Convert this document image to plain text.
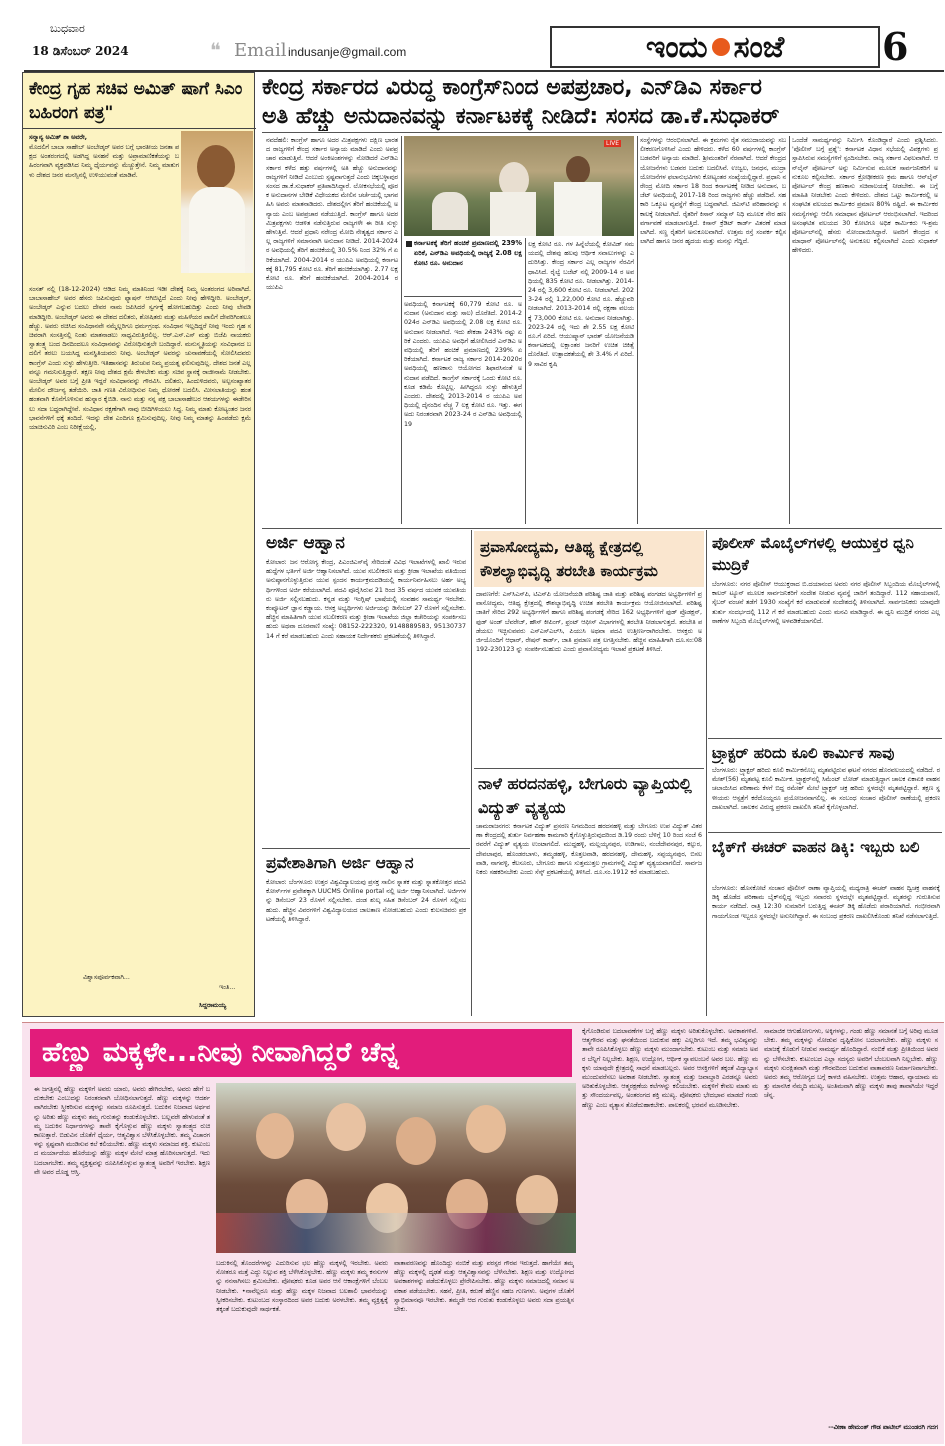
ಬುಧವಾರ
18 ಡಿಸೆಂಬರ್ 2024	❝ Email indusanje@gmail.com	ಇಂದು ಸಂಜೆ	6
ಕೇಂದ್ರ ಗೃಹ ಸಚಿವ ಅಮಿತ್ ಷಾಗೆ ಸಿಎಂ ಬಹಿರಂಗ ಪತ್ರ"
ಸನ್ಮಾನ್ಯ ಅಮಿತ್ ಶಾ ಅವರೇ,
ಮೊದಲಿಗೆ ಬಾಬಾ ಸಾಹೇಬ್ ಅಂಬೇಡ್ಕರ್ ಅವರ ಬಗ್ಗೆ ಭಾರತೀಯ ಜನತಾ ಪಕ್ಷದ ಅಂತರಂಗದಲ್ಲಿ ಅಡಗಿದ್ದ ಅಸಹನೆ ಮತ್ತು ಅಪ್ರಾಮಾಣಿಕತೆಯನ್ನು ಬಹಿರಂಗವಾಗಿ ವ್ಯಕ್ತಪಡಿಸಿದ ನಿಮ್ಮ ಧೈರ್ಯವನ್ನು ಮೆಚ್ಚುತ್ತೇನೆ. ನಿಮ್ಮ ಮಾತುಗಳು ದೇಶದ ಜನರ ಮನಸ್ಸಿನಲ್ಲಿ ಉಳಿಯುವಂತೆ ಮಾಡಿವೆ.
ಸಂಸತ್ ನಲ್ಲಿ (18-12-2024) ಆಡಿದ ನಿಮ್ಮ ಮಾತಿನಿಂದ ಇಡೀ ದೇಶಕ್ಕೆ ನಿಮ್ಮ ಅಂತರಂಗದ ಅರಿವಾಗಿದೆ. ಬಾಬಾಸಾಹೇಬ್ ಅವರ ಹೆಸರು ಜಪಿಸುವುದು ಫ್ಯಾಷನ್ ಆಗಿಬಿಟ್ಟಿದೆ ಎಂದು ನೀವು ಹೇಳಿದ್ದೀರಿ. ಅಂಬೇಡ್ಕರ್, ಅಂಬೇಡ್ಕರ್ ಎನ್ನುವ ಬದಲು ದೇವರ ನಾಮ ಜಪಿಸಿದರೆ ಸ್ವರ್ಗಕ್ಕೆ ಹೋಗಬಹುದಿತ್ತು ಎಂದು ನೀವು ಲೇವಡಿ ಮಾಡಿದ್ದೀರಿ. ಅಂಬೇಡ್ಕರ್ ಅವರು ಈ ದೇಶದ ದಲಿತರು, ಶೋಷಿತರು ಮತ್ತು ಮಹಿಳೆಯರ ಪಾಲಿಗೆ ದೇವರಿಗಿಂತಲೂ ಹೆಚ್ಚು. ಅವರು ರಚಿಸಿದ ಸಂವಿಧಾನವೇ ನಮ್ಮೆಲ್ಲರಿಗೂ ಧರ್ಮಗ್ರಂಥ. ಸಂವಿಧಾನ ಇಲ್ಲದಿದ್ದರೆ ನೀವು ಇಂದು ಗೃಹ ಸಚಿವರಾಗಿ ಸಂಸತ್ತಿನಲ್ಲಿ ನಿಂತು ಮಾತನಾಡಲು ಸಾಧ್ಯವಿರುತ್ತಿರಲಿಲ್ಲ. ಆರ್.ಎಸ್.ಎಸ್ ಮತ್ತು ಬಿಜೆಪಿ ನಾಯಕರು ಸ್ವಾತಂತ್ರ್ಯ ಬಂದ ದಿನದಿಂದಲೂ ಸಂವಿಧಾನವನ್ನು ವಿರೋಧಿಸುತ್ತಲೇ ಬಂದಿದ್ದಾರೆ. ಮನುಸ್ಮೃತಿಯನ್ನು ಸಂವಿಧಾನದ ಬದಲಿಗೆ ತರಲು ಬಯಸಿದ್ದ ಮನಸ್ಥಿತಿಯವರು ನೀವು. ಅಂಬೇಡ್ಕರ್ ಅವರನ್ನು ಚುನಾವಣೆಯಲ್ಲಿ ಸೋಲಿಸಿದವರು ಕಾಂಗ್ರೆಸ್ ಎಂದು ಸುಳ್ಳು ಹೇಳುತ್ತೀರಿ. ಇತಿಹಾಸವನ್ನು ತಿರುಚುವ ನಿಮ್ಮ ಪ್ರಯತ್ನ ಫಲಿಸುವುದಿಲ್ಲ. ದೇಶದ ಜನತೆ ಎಲ್ಲವನ್ನೂ ಗಮನಿಸುತ್ತಿದ್ದಾರೆ. ತಕ್ಷಣ ನೀವು ದೇಶದ ಕ್ಷಮೆ ಕೇಳಬೇಕು ಮತ್ತು ಸಚಿವ ಸ್ಥಾನಕ್ಕೆ ರಾಜೀನಾಮೆ ನೀಡಬೇಕು. ಅಂಬೇಡ್ಕರ್ ಅವರ ಬಗ್ಗೆ ಪ್ರೀತಿ ಇದ್ದರೆ ಸಂವಿಧಾನವನ್ನು ಗೌರವಿಸಿ. ದಲಿತರು, ಹಿಂದುಳಿದವರು, ಅಲ್ಪಸಂಖ್ಯಾತರ ಮೇಲಿನ ದೌರ್ಜನ್ಯ ತಡೆಯಿರಿ. ಜಾತಿ ಗಣತಿ ವಿರೋಧಿಸುವ ನಿಮ್ಮ ಧೋರಣೆ ಬದಲಿಸಿ. ಮೀಸಲಾತಿಯನ್ನು ಹಂತಹಂತವಾಗಿ ಕೊನೆಗೊಳಿಸುವ ಹುನ್ನಾರ ಕೈಬಿಡಿ. ನಾನು ಮತ್ತು ನನ್ನ ಪಕ್ಷ ಬಾಬಾಸಾಹೇಬರ ಆಶಯಗಳನ್ನು ಈಡೇರಿಸಲು ಸದಾ ಬದ್ಧರಾಗಿದ್ದೇವೆ. ಸಂವಿಧಾನ ರಕ್ಷಣೆಗಾಗಿ ನಾವು ಬೀದಿಗಿಳಿಯಲು ಸಿದ್ಧ. ನಿಮ್ಮ ಮಾತು ಕೋಟ್ಯಂತರ ಜನರ ಭಾವನೆಗಳಿಗೆ ಧಕ್ಕೆ ತಂದಿದೆ. ಇದನ್ನು ದೇಶ ಎಂದಿಗೂ ಕ್ಷಮಿಸುವುದಿಲ್ಲ. ನೀವು ನಿಮ್ಮ ಮಾತನ್ನು ಹಿಂಪಡೆದು ಕ್ಷಮೆ ಯಾಚಿಸುವಿರಿ ಎಂಬ ನಿರೀಕ್ಷೆಯಲ್ಲಿ,
ವಿಶ್ವಾಸಪೂರ್ವಕವಾಗಿ...
ಇಂತಿ...
ಸಿದ್ದರಾಮಯ್ಯ
ಕೇಂದ್ರ ಸರ್ಕಾರದ ವಿರುದ್ಧ ಕಾಂಗ್ರೆಸ್‌ನಿಂದ ಅಪಪ್ರಚಾರ, ಎನ್‌ಡಿಎ ಸರ್ಕಾರ
ಅತಿ ಹೆಚ್ಚು ಅನುದಾನವನ್ನು ಕರ್ನಾಟಕಕ್ಕೆ ನೀಡಿದೆ: ಸಂಸದ ಡಾ.ಕೆ.ಸುಧಾಕರ್
ನವದೆಹಲಿ: ಕಾಂಗ್ರೆಸ್ ಹಾಗೂ ಅದರ ಮಿತ್ರಪಕ್ಷಗಳು ದಕ್ಷಿಣ ಭಾರತದ ರಾಜ್ಯಗಳಿಗೆ ಕೇಂದ್ರ ಸರ್ಕಾರ ಅನ್ಯಾಯ ಮಾಡಿದೆ ಎಂದು ಅಪಪ್ರಚಾರ ಮಾಡುತ್ತಿವೆ. ಆದರೆ ಅಂಕಿಅಂಶಗಳನ್ನು ನೋಡಿದರೆ ಎನ್‌ಡಿಎ ಸರ್ಕಾರ ಕಳೆದ ಹತ್ತು ವರ್ಷಗಳಲ್ಲಿ ಅತಿ ಹೆಚ್ಚು ಅನುದಾನವನ್ನು ರಾಜ್ಯಗಳಿಗೆ ನೀಡಿದೆ ಎಂಬುದು ಸ್ಪಷ್ಟವಾಗುತ್ತದೆ ಎಂದು ಚಿಕ್ಕಬಳ್ಳಾಪುರ ಸಂಸದ ಡಾ.ಕೆ.ಸುಧಾಕರ್ ಪ್ರತಿಪಾದಿಸಿದ್ದಾರೆ. ಲೋಕಸಭೆಯಲ್ಲಿ ಪೂರಕ ಅನುದಾನಗಳ ಬೇಡಿಕೆ ವಿಧೇಯಕದ ಮೇಲಿನ ಚರ್ಚೆಯಲ್ಲಿ ಭಾಗವಹಿಸಿ ಅವರು ಮಾತನಾಡಿದರು. ದೇಶದಲ್ಲೀಗ ತೆರಿಗೆ ಹಂಚಿಕೆಯಲ್ಲಿ ಅನ್ಯಾಯ ಎಂಬ ಅಪಪ್ರಚಾರ ನಡೆಯುತ್ತಿದೆ. ಕಾಂಗ್ರೆಸ್ ಹಾಗೂ ಅದರ ಮಿತ್ರಪಕ್ಷಗಳು ಆಡಳಿತ ನಡೆಸುತ್ತಿರುವ ರಾಜ್ಯಗಳೇ ಈ ರೀತಿ ಸುಳ್ಳು ಹೇಳುತ್ತಿವೆ. ಆದರೆ ಪ್ರಧಾನಿ ನರೇಂದ್ರ ಮೋದಿ ನೇತೃತ್ವದ ಸರ್ಕಾರ ಎಲ್ಲ ರಾಜ್ಯಗಳಿಗೆ ಸಮಾನವಾಗಿ ಅನುದಾನ ನೀಡಿದೆ. 2014-2024ರ ಅವಧಿಯಲ್ಲಿ ತೆರಿಗೆ ಹಂಚಿಕೆಯಲ್ಲಿ 30.5% ನಿಂದ 32% ಗೆ ಏರಿಕೆಯಾಗಿದೆ. 2004-2014 ರ ಯುಪಿಎ ಅವಧಿಯಲ್ಲಿ ಕರ್ನಾಟಕಕ್ಕೆ 81,795 ಕೋಟಿ ರೂ. ತೆರಿಗೆ ಹಂಚಿಕೆಯಾಗಿತ್ತು. 2.77 ಲಕ್ಷ ಕೋಟಿ ರೂ. ತೆರಿಗೆ ಹಂಚಿಕೆಯಾಗಿದೆ. 2004-2014 ರ ಯುಪಿಎ
LIVE
ಕರ್ನಾಟಕಕ್ಕೆ ತೆರಿಗೆ ಹಂಚಿಕೆ ಪ್ರಮಾಣದಲ್ಲಿ 239% ಏರಿಕೆ, ಎನ್‌ಡಿಎ ಅವಧಿಯಲ್ಲಿ ರಾಜ್ಯಕ್ಕೆ 2.08 ಲಕ್ಷ ಕೋಟಿ ರೂ. ಅನುದಾನ
ಅವಧಿಯಲ್ಲಿ ಕರ್ನಾಟಕಕ್ಕೆ 60,779 ಕೋಟಿ ರೂ. ಅನುದಾನ (ಅನುದಾನ ಮತ್ತು ಸಾಲ) ದೊರೆತಿದೆ. 2014-2024ರ ಎನ್‌ಡಿಎ ಅವಧಿಯಲ್ಲಿ 2.08 ಲಕ್ಷ ಕೋಟಿ ರೂ. ಅನುದಾನ ನೀಡಲಾಗಿದೆ. ಇದು ಶೇಕಡಾ 243% ರಷ್ಟು ಏರಿಕೆ ಎಂದರು. ಯುಪಿಎ ಅವಧಿಗೆ ಹೋಲಿಸಿದರೆ ಎನ್‌ಡಿಎ ಅವಧಿಯಲ್ಲಿ ತೆರಿಗೆ ಹಂಚಿಕೆ ಪ್ರಮಾಣದಲ್ಲಿ 239% ಏರಿಕೆಯಾಗಿದೆ. ಕರ್ನಾಟಕ ರಾಜ್ಯ ಸರ್ಕಾರ 2014-2020ರ ಅವಧಿಯಲ್ಲಿ ಹಣಕಾಸು ಆಯೋಗದ ಶಿಫಾರಸಿನಂತೆ ಅನುದಾನ ಪಡೆದಿದೆ. ಕಾಂಗ್ರೆಸ್ ಸರ್ಕಾರಕ್ಕೆ ಒಂದು ಕೋಟಿ ರೂ. ಕೂಡ ಕಡಿಮೆ ಕೊಟ್ಟಿಲ್ಲ. ಹೀಗಿದ್ದರೂ ಸುಳ್ಳು ಹೇಳುತ್ತಿದೆ ಎಂದರು. ದೇಶದಲ್ಲಿ 2013-2014 ರ ಯುಪಿಎ ಅವಧಿಯಲ್ಲಿ ದೈನಂದಿನ ವೆಚ್ಚ 7 ಲಕ್ಷ ಕೋಟಿ ರೂ. ಇತ್ತು. ಈಗ ಅದು ನಿರಂತರವಾಗಿ 2023-24 ರ ಎನ್‌ಡಿಎ ಅವಧಿಯಲ್ಲಿ 19
ಲಕ್ಷ ಕೋಟಿ ರೂ. ಗಳ ಹಿನ್ನೆಲೆಯಲ್ಲಿ ಕೋವಿಡ್ ಸಮಯದಲ್ಲಿ ದೇಶವು ಹಲವು ಆರ್ಥಿಕ ಸವಾಲುಗಳನ್ನು ಎದುರಿಸಿತ್ತು. ಕೇಂದ್ರ ಸರ್ಕಾರ ಎಲ್ಲ ರಾಜ್ಯಗಳ ನೆರವಿಗೆ ಧಾವಿಸಿದೆ. ರೈಲ್ವೆ ಬಜೆಟ್ ನಲ್ಲಿ 2009-14 ರ ಅವಧಿಯಲ್ಲಿ 835 ಕೋಟಿ ರೂ. ನೀಡಲಾಗಿತ್ತು. 2014-24 ರಲ್ಲಿ 3,600 ಕೋಟಿ ರೂ. ನೀಡಲಾಗಿದೆ. 2023-24 ರಲ್ಲಿ 1,22,000 ಕೋಟಿ ರೂ. ಹೆಚ್ಚುವರಿ ನೀಡಲಾಗಿದೆ. 2013-2014 ರಲ್ಲಿ ರಕ್ಷಣಾ ವಲಯಕ್ಕೆ 73,000 ಕೋಟಿ ರೂ. ಅನುದಾನ ನೀಡಲಾಗಿತ್ತು. 2023-24 ರಲ್ಲಿ ಇದು ಶೇ 2.55 ಲಕ್ಷ ಕೋಟಿ ರೂ.ಗೆ ಏರಿದೆ. ಆಯುಷ್ಮಾನ್ ಭಾರತ್ ಯೋಜನೆಯಡಿ ಕರ್ನಾಟಕದಲ್ಲಿ ಲಕ್ಷಾಂತರ ಜನರಿಗೆ ಉಚಿತ ಚಿಕಿತ್ಸೆ ದೊರೆತಿದೆ. ಉತ್ಪಾದಕತೆಯಲ್ಲಿ ಶೇ 3.4% ಗೆ ಏರಿದೆ. 9 ಸಾವಿರ ಕೃಷಿ
ಸಂಸ್ಥೆಗಳನ್ನು ಆರಂಭಿಸಲಾಗಿದೆ. ಈ ಕ್ರಮಗಳು ರೈತ ಸಮುದಾಯವನ್ನು ಸಬಲೀಕರಣಗೊಳಿಸಿವೆ ಎಂದು ಹೇಳಿದರು. ಕಳೆದ 60 ವರ್ಷಗಳಲ್ಲಿ ಕಾಂಗ್ರೆಸ್ ಬಡವರಿಗೆ ಅನ್ಯಾಯ ಮಾಡಿದೆ. ಶ್ರೀಮಂತರಿಗೆ ನೆರವಾಗಿದೆ. ಆದರೆ ಕೇಂದ್ರದ ಯೋಜನೆಗಳು ಬಡವರ ಬದುಕು ಬದಲಿಸಿವೆ. ಉಜ್ವಲ, ಜನಧನ, ಮುದ್ರಾ ಯೋಜನೆಗಳ ಫಲಾನುಭವಿಗಳು ಕೋಟ್ಯಂತರ ಸಂಖ್ಯೆಯಲ್ಲಿದ್ದಾರೆ. ಪ್ರಧಾನಿ ನರೇಂದ್ರ ಮೋದಿ ಸರ್ಕಾರ 18 ರಿಂದ ಕರ್ನಾಟಕಕ್ಕೆ ನೀಡಿದ ಅನುದಾನ, ಬಜೆಟ್ ಅವಧಿಯಲ್ಲಿ 2017-18 ರಿಂದ ರಾಜ್ಯಗಳು ಹೆಚ್ಚು ಪಡೆದಿವೆ. ಸಹಕಾರಿ ಒಕ್ಕೂಟ ವ್ಯವಸ್ಥೆಗೆ ಕೇಂದ್ರ ಬದ್ಧವಾಗಿದೆ. ಜಿಎಸ್‌ಟಿ ಪರಿಹಾರವನ್ನು ಸಕಾಲಕ್ಕೆ ನೀಡಲಾಗಿದೆ. ರೈತರಿಗೆ ಕಿಸಾನ್ ಸಮ್ಮಾನ್ ನಿಧಿ ಮೂಲಕ ನೇರ ಹಣ ವರ್ಗಾವಣೆ ಮಾಡಲಾಗುತ್ತಿದೆ. ಕಿಸಾನ್ ಕ್ರೆಡಿಟ್ ಕಾರ್ಡ್ ವಿತರಣೆ ಮಾಡಲಾಗಿದೆ. ಸಣ್ಣ ರೈತರಿಗೆ ಅನುಕೂಲವಾಗಿದೆ. ಉತ್ತಮ ರಸ್ತೆ ಸಂಪರ್ಕ ಕಲ್ಪಿಸಲಾಗಿದೆ ಹಾಗೂ ಜನರ ಹೃದಯ ಮತ್ತು ಮನಸ್ಸು ಗೆದ್ದಿದೆ.
ಒಂದೆಡೆ ಸಾಮರ್ಥ್ಯವನ್ನು ನಿರ್ಮಿಸಿ ಕೊಂಡಿದ್ದಾರೆ ಎಂದು ಪ್ರಶ್ನಿಸಿದರು. 'ಪೊಲೀಸ್ ಬಗ್ಗೆ ಪ್ರಶ್ನೆ': ಕರ್ನಾಟಕ ವಿಧಾನ ಸಭೆಯಲ್ಲಿ ವಿಪಕ್ಷಗಳು ಪ್ರಸ್ತಾಪಿಸಿರುವ ಸಮಸ್ಯೆಗಳಿಗೆ ಸ್ಪಂದಿಸಬೇಕು. ರಾಜ್ಯ ಸರ್ಕಾರ ವಿಫಲವಾಗಿದೆ. ಆನ್‌ಲೈನ್ ಪೋರ್ಟಲ್ ಅನ್ನು ನಿರ್ಮಿಸುವ ಮೂಲಕ ಸಾರ್ವಜನಿಕರಿಗೆ ಅನುಕೂಲ ಕಲ್ಪಿಸಬೇಕು. ಸರ್ಕಾರ ಕ್ರೋಢೀಕರಣ ಕ್ರಮ ಹಾಗೂ ಆನ್‌ಲೈನ್ ಪೋರ್ಟಲ್ ಕೇಂದ್ರ ಹಣಕಾಸು ಸಚಿವಾಲಯಕ್ಕೆ ನೀಡಬೇಕು. ಈ ಬಗ್ಗೆ ಮಾಹಿತಿ ನೀಡಬೇಕು ಎಂದು ಕೇಳಿದರು. ದೇಶದ ಒಟ್ಟು ಕಾರ್ಮಿಕರಲ್ಲಿ ಅಸಂಘಟಿತ ವಲಯದ ಕಾರ್ಮಿಕರ ಪ್ರಮಾಣ 80% ರಷ್ಟಿದೆ. ಈ ಕಾರ್ಮಿಕರ ಸಮಸ್ಯೆಗಳನ್ನು ಆಲಿಸಿ ಸಮಾಧಾನ ಪೋರ್ಟಲ್ ಆರಂಭಿಸಲಾಗಿದೆ. ಇದರಿಂದ ಅಸಂಘಟಿತ ವಲಯದ 30 ಕೋಟಿಗೂ ಅಧಿಕ ಕಾರ್ಮಿಕರು ಇ-ಶ್ರಮ ಪೋರ್ಟಲ್‌ನಲ್ಲಿ ಹೆಸರು ನೋಂದಾಯಿಸಿದ್ದಾರೆ. ಅವರಿಗೆ ಕೇಂದ್ರದ ಸಮಾಧಾನ್ ಪೋರ್ಟಲ್‌ನಲ್ಲಿ ಅನುಕೂಲ ಕಲ್ಪಿಸಲಾಗಿದೆ ಎಂದು ಸುಧಾಕರ್ ಹೇಳಿದರು.
ಅರ್ಜಿ ಆಹ್ವಾನ
ಕೋಲಾರ: ಜನ ಆರೋಗ್ಯ ಕೇಂದ್ರ, ಪಿಎಂಜಿಎಸ್‌ವೈ ಸೇರಿದಂತೆ ವಿವಿಧ ಇಲಾಖೆಗಳಲ್ಲಿ ಖಾಲಿ ಇರುವ ಹುದ್ದೆಗಳ ಭರ್ತಿಗೆ ಅರ್ಜಿ ಆಹ್ವಾನಿಸಲಾಗಿದೆ. ಯುವ ಸಬಲೀಕರಣ ಮತ್ತು ಕ್ರೀಡಾ ಇಲಾಖೆಯ ವತಿಯಿಂದ ಅನುಷ್ಠಾನಗೊಳ್ಳುತ್ತಿರುವ ಯುವ ಸ್ಪಂದನ ಕಾರ್ಯಕ್ರಮದಡಿಯಲ್ಲಿ ಕಾರ್ಯನಿರ್ವಹಿಸಲು ಅರ್ಹ ಅಭ್ಯರ್ಥಿಗಳಿಂದ ಅರ್ಜಿ ಕರೆಯಲಾಗಿದೆ. ಪದವಿ ಪೂರೈಸಿರುವ 21 ರಿಂದ 35 ವರ್ಷದ ಯುವಕ ಯುವತಿಯರು ಅರ್ಜಿ ಸಲ್ಲಿಸಬಹುದು. ಕನ್ನಡ ಮತ್ತು ಇಂಗ್ಲಿಷ್ ಭಾಷೆಯಲ್ಲಿ ಸಂವಹನ ಸಾಮರ್ಥ್ಯ ಇರಬೇಕು. ಕಂಪ್ಯೂಟರ್ ಜ್ಞಾನ ಕಡ್ಡಾಯ. ಆಸಕ್ತ ಅಭ್ಯರ್ಥಿಗಳು ಅರ್ಜಿಯನ್ನು ಡಿಸೆಂಬರ್ 27 ರೊಳಗೆ ಸಲ್ಲಿಸಬೇಕು. ಹೆಚ್ಚಿನ ಮಾಹಿತಿಗಾಗಿ ಯುವ ಸಬಲೀಕರಣ ಮತ್ತು ಕ್ರೀಡಾ ಇಲಾಖೆಯ ಜಿಲ್ಲಾ ಕಚೇರಿಯನ್ನು ಸಂಪರ್ಕಿಸಬಹುದು ಅಥವಾ ದೂರವಾಣಿ ಸಂಖ್ಯೆ: 08152-222320, 9148889583, 9513073714 ಗೆ ಕರೆ ಮಾಡಬಹುದು ಎಂದು ಸಹಾಯಕ ನಿರ್ದೇಶಕರು ಪ್ರಕಟಣೆಯಲ್ಲಿ ತಿಳಿಸಿದ್ದಾರೆ.
ಪ್ರವೇಶಾತಿಗಾಗಿ ಅರ್ಜಿ ಆಹ್ವಾನ
ಕೋಲಾರ: ಬೆಂಗಳೂರು ಉತ್ತರ ವಿಶ್ವವಿದ್ಯಾಲಯವು ಪ್ರಸಕ್ತ ಸಾಲಿನ ಸ್ನಾತಕ ಮತ್ತು ಸ್ನಾತಕೋತ್ತರ ಪದವಿ ಕೋರ್ಸ್‌ಗಳ ಪ್ರವೇಶಕ್ಕಾಗಿ UUCMS Online portal ನಲ್ಲಿ ಅರ್ಜಿ ಆಹ್ವಾನಿಸಲಾಗಿದೆ. ಅರ್ಜಿಗಳನ್ನು ಡಿಸೆಂಬರ್ 23 ರೊಳಗೆ ಸಲ್ಲಿಸಬೇಕು. ದಂಡ ಶುಲ್ಕ ಸಹಿತ ಡಿಸೆಂಬರ್ 24 ರೊಳಗೆ ಸಲ್ಲಿಸಬಹುದು. ಹೆಚ್ಚಿನ ವಿವರಗಳಿಗೆ ವಿಶ್ವವಿದ್ಯಾಲಯದ ಜಾಲತಾಣ ನೋಡಬಹುದು ಎಂದು ಕುಲಸಚಿವರು ಪ್ರಕಟಣೆಯಲ್ಲಿ ತಿಳಿಸಿದ್ದಾರೆ.
ಪ್ರವಾಸೋದ್ಯಮ, ಆತಿಥ್ಯ ಕ್ಷೇತ್ರದಲ್ಲಿ ಕೌಶಲ್ಯಾಭಿವೃದ್ಧಿ ತರಬೇತಿ ಕಾರ್ಯಕ್ರಮ
ದಾವಣಗೆರೆ: ಎಸ್‌ಸಿಎಸ್‌ಪಿ, ಟಿಎಸ್‌ಪಿ ಯೋಜನೆಯಡಿ ಪರಿಶಿಷ್ಟ ಜಾತಿ ಮತ್ತು ಪರಿಶಿಷ್ಟ ಪಂಗಡದ ಅಭ್ಯರ್ಥಿಗಳಿಗೆ ಪ್ರವಾಸೋದ್ಯಮ, ಆತಿಥ್ಯ ಕ್ಷೇತ್ರದಲ್ಲಿ ಕೌಶಲ್ಯಾಭಿವೃದ್ಧಿ ಉಚಿತ ತರಬೇತಿ ಕಾರ್ಯಕ್ರಮ ಆಯೋಜಿಸಲಾಗಿದೆ. ಪರಿಶಿಷ್ಟ ಜಾತಿಗೆ ಸೇರಿದ 292 ಅಭ್ಯರ್ಥಿಗಳಿಗೆ ಹಾಗೂ ಪರಿಶಿಷ್ಟ ಪಂಗಡಕ್ಕೆ ಸೇರಿದ 162 ಅಭ್ಯರ್ಥಿಗಳಿಗೆ ಫುಡ್ ಪ್ರೊಡಕ್ಷನ್, ಫುಡ್ ಅಂಡ್ ಬೆವರೇಜ್, ಹೌಸ್ ಕೀಪಿಂಗ್, ಫ್ರಂಟ್ ಆಫೀಸ್ ವಿಭಾಗಗಳಲ್ಲಿ ತರಬೇತಿ ನೀಡಲಾಗುತ್ತದೆ. ತರಬೇತಿ ಪಡೆಯಲು ಇಚ್ಛಿಸುವವರು ಎಸ್‌ಎಸ್‌ಎಲ್‌ಸಿ, ಪಿಯುಸಿ ಅಥವಾ ಪದವಿ ಉತ್ತೀರ್ಣರಾಗಿರಬೇಕು. ಆಸಕ್ತರು ಅರ್ಜಿಯೊಂದಿಗೆ ಆಧಾರ್, ರೇಷನ್ ಕಾರ್ಡ್, ಜಾತಿ ಪ್ರಮಾಣ ಪತ್ರ ಲಗತ್ತಿಸಬೇಕು. ಹೆಚ್ಚಿನ ಮಾಹಿತಿಗಾಗಿ ದೂ.ಸಂ:08192-230123 ನ್ನು ಸಂಪರ್ಕಿಸಬಹುದು ಎಂದು ಪ್ರವಾಸೋದ್ಯಮ ಇಲಾಖೆ ಪ್ರಕಟಣೆ ತಿಳಿಸಿದೆ.
ನಾಳೆ ಹರದನಹಳ್ಳಿ, ಬೇಗೂರು ವ್ಯಾಪ್ತಿಯಲ್ಲಿ ವಿದ್ಯುತ್ ವ್ಯತ್ಯಯ
ಚಾಮರಾಜನಗರ: ಕರ್ನಾಟಕ ವಿದ್ಯುತ್ ಪ್ರಸರಣ ನಿಗಮದಿಂದ ಹರದನಹಳ್ಳಿ ಮತ್ತು ಬೇಗೂರು ಉಪ ವಿದ್ಯುತ್ ವಿತರಣಾ ಕೇಂದ್ರದಲ್ಲಿ ತುರ್ತು ನಿರ್ವಹಣಾ ಕಾಮಗಾರಿ ಕೈಗೊಳ್ಳುತ್ತಿರುವುದರಿಂದ ಡಿ.19 ರಂದು ಬೆಳಿಗ್ಗೆ 10 ರಿಂದ ಸಂಜೆ 6 ರವರೆಗೆ ವಿದ್ಯುತ್ ವ್ಯತ್ಯಯ ಉಂಟಾಗಲಿದೆ. ಮುದ್ದಹಳ್ಳಿ, ಮಲ್ಲಯ್ಯನಪುರ, ಉಡಿಗಾಲ, ನಂಜೆದೇವನಪುರ, ಕಲ್ಪುರ, ದೇವಲಾಪುರ, ಹೊಂಡರಬಾಳು, ತಮ್ಮಡಹಳ್ಳಿ, ಕೊತ್ತಲವಾಡಿ, ಹರದನಹಳ್ಳಿ, ದೇಮಹಳ್ಳಿ, ಸಪ್ಪಯ್ಯನಪುರ, ಬಿಸಲವಾಡಿ, ನಾಗವಳ್ಳಿ, ಕೆಲಸೂರು, ಬೇಗೂರು ಹಾಗೂ ಸುತ್ತಮುತ್ತಲ ಗ್ರಾಮಗಳಲ್ಲಿ ವಿದ್ಯುತ್ ವ್ಯತ್ಯಯವಾಗಲಿದೆ. ಸಾರ್ವಜನಿಕರು ಸಹಕರಿಸಬೇಕು ಎಂದು ಸೆಸ್ಕ್ ಪ್ರಕಟಣೆಯಲ್ಲಿ ತಿಳಿಸಿದೆ. ದೂ.ಸಂ.1912 ಕರೆ ಮಾಡಬಹುದು.
ಪೊಲೀಸ್ ಮೊಬೈಲ್‌ಗಳಲ್ಲಿ ಆಯುಕ್ತರ ಧ್ವನಿ ಮುದ್ರಿಕೆ
ಬೆಂಗಳೂರು: ನಗರ ಪೊಲೀಸ್ ಆಯುಕ್ತರಾದ ಬಿ.ದಯಾನಂದ ಅವರು ನಗರ ಪೊಲೀಸ್ ಸಿಬ್ಬಂದಿಯ ಮೊಬೈಲ್‌ಗಳಲ್ಲಿ ಕಾಲರ್ ಟ್ಯೂನ್ ಮೂಲಕ ಸಾರ್ವಜನಿಕರಿಗೆ ಸಂದೇಶ ನೀಡುವ ವ್ಯವಸ್ಥೆ ಜಾರಿಗೆ ತಂದಿದ್ದಾರೆ. 112 ಸಹಾಯವಾಣಿ, ಸೈಬರ್ ವಂಚನೆ ತಡೆಗೆ 1930 ಸಂಖ್ಯೆಗೆ ಕರೆ ಮಾಡುವಂತೆ ಸಂದೇಶದಲ್ಲಿ ತಿಳಿಸಲಾಗಿದೆ. ಸಾರ್ವಜನಿಕರು ಯಾವುದೇ ತುರ್ತು ಸಂದರ್ಭದಲ್ಲಿ 112 ಗೆ ಕರೆ ಮಾಡಬಹುದು ಎಂದು ಮನವಿ ಮಾಡಿದ್ದಾರೆ. ಈ ಧ್ವನಿ ಮುದ್ರಿಕೆ ನಗರದ ಎಲ್ಲ ಠಾಣೆಗಳ ಸಿಬ್ಬಂದಿ ಮೊಬೈಲ್‌ಗಳಲ್ಲಿ ಅಳವಡಿಕೆಯಾಗಲಿದೆ.
ಟ್ರ್ಯಾಕ್ಟರ್ ಹರಿದು ಕೂಲಿ ಕಾರ್ಮಿಕ ಸಾವು
ಬೆಂಗಳೂರು: ಟ್ರ್ಯಾಕ್ಟರ್ ಹರಿದು ಕೂಲಿ ಕಾರ್ಮಿಕನೊಬ್ಬ ಮೃತಪಟ್ಟಿರುವ ಘಟನೆ ನಗರದ ಹೊರವಲಯದಲ್ಲಿ ನಡೆದಿದೆ. ರಮೇಶ್(56) ಮೃತಪಟ್ಟ ಕೂಲಿ ಕಾರ್ಮಿಕ. ಟ್ರ್ಯಾಕ್ಟರ್‌ನಲ್ಲಿ ಸಿಮೆಂಟ್ ಲೋಡ್ ಮಾಡುತ್ತಿದ್ದಾಗ ಚಾಲಕ ಏಕಾಏಕಿ ವಾಹನ ಚಲಾಯಿಸಿದ ಪರಿಣಾಮ ಕೆಳಗೆ ಬಿದ್ದ ರಮೇಶ್ ಮೇಲೆ ಟ್ರ್ಯಾಕ್ಟರ್ ಚಕ್ರ ಹರಿದು ಸ್ಥಳದಲ್ಲೇ ಮೃತಪಟ್ಟಿದ್ದಾರೆ. ತಕ್ಷಣ ಸ್ಥಳೀಯರು ಆಸ್ಪತ್ರೆಗೆ ಕರೆದೊಯ್ದರೂ ಪ್ರಯೋಜನವಾಗಲಿಲ್ಲ. ಈ ಸಂಬಂಧ ಸಂಚಾರ ಪೊಲೀಸ್ ಠಾಣೆಯಲ್ಲಿ ಪ್ರಕರಣ ದಾಖಲಾಗಿದೆ. ಚಾಲಕನ ವಿರುದ್ಧ ಪ್ರಕರಣ ದಾಖಲಿಸಿ ತನಿಖೆ ಕೈಗೊಳ್ಳಲಾಗಿದೆ.
ಬೈಕ್‌ಗೆ ಈಚರ್ ವಾಹನ ಡಿಕ್ಕಿ: ಇಬ್ಬರು ಬಲಿ
ಬೆಂಗಳೂರು: ಹೊಸಕೋಟೆ ಸಂಚಾರ ಪೊಲೀಸ್ ಠಾಣಾ ವ್ಯಾಪ್ತಿಯಲ್ಲಿ ಮಧ್ಯರಾತ್ರಿ ಈಚರ್ ವಾಹನ ದ್ವಿಚಕ್ರ ವಾಹನಕ್ಕೆ ಡಿಕ್ಕಿ ಹೊಡೆದ ಪರಿಣಾಮ ಬೈಕ್‌ನಲ್ಲಿದ್ದ ಇಬ್ಬರು ಸವಾರರು ಸ್ಥಳದಲ್ಲೇ ಮೃತಪಟ್ಟಿದ್ದಾರೆ. ಮೃತರನ್ನು ಗುರುತಿಸುವ ಕಾರ್ಯ ನಡೆದಿದೆ. ರಾತ್ರಿ 12:30 ಸುಮಾರಿಗೆ ಬರುತ್ತಿದ್ದ ಈಚರ್ ಡಿಕ್ಕಿ ಹೊಡೆದು ಪರಾರಿಯಾಗಿದೆ. ಗಂಭೀರವಾಗಿ ಗಾಯಗೊಂಡ ಇಬ್ಬರೂ ಸ್ಥಳದಲ್ಲೇ ಅಸುನೀಗಿದ್ದಾರೆ. ಈ ಸಂಬಂಧ ಪ್ರಕರಣ ದಾಖಲಿಸಿಕೊಂಡು ತನಿಖೆ ನಡೆಸಲಾಗುತ್ತಿದೆ.
ಹೆಣ್ಣು ಮಕ್ಕಳೇ...ನೀವು ನೀವಾಗಿದ್ದರೆ ಚೆನ್ನ
ಈ ಜಗತ್ತಿನಲ್ಲಿ ಹೆಣ್ಣು ಮಕ್ಕಳಿಗೆ ಅವರು ಯಾರು, ಅವರು ಹೇಗಿರಬೇಕು, ಅವರು ಹೇಗೆ ಬದುಕಬೇಕು ಎಂಬುದನ್ನು ನಿರಂತರವಾಗಿ ಬೋಧಿಸಲಾಗುತ್ತದೆ. ಹೆಣ್ಣು ಮಕ್ಕಳನ್ನು ಆದರ್ಶವಾಗಿರಬೇಕು ಸ್ತ್ರೀಕರಿಸುವ ಮಕ್ಕಳನ್ನು ಸಮಾಜ ರೂಪಿಸುತ್ತದೆ. ಬದುಕಿನ ನಿಜವಾದ ಅರ್ಥವನ್ನು ಅರಿತು ಹೆಣ್ಣು ಮಕ್ಕಳು ತಮ್ಮ ಗುರುತನ್ನು ಕಂಡುಕೊಳ್ಳಬೇಕು. ಬಲ್ಲವರೇ ಹೇಳುವಂತೆ ತಮ್ಮ ಬದುಕಿನ ನಿರ್ಧಾರಗಳನ್ನು ತಾವೇ ಕೈಗೊಳ್ಳುವ ಹೆಣ್ಣು ಮಕ್ಕಳು ಸ್ವಾತಂತ್ರ್ಯದ ರುಚಿ ಕಾಣುತ್ತಾರೆ. ಬಿಡುವಿನ ಜೊತೆಗೆ ಧೈರ್ಯ, ಆತ್ಮವಿಶ್ವಾಸ ಬೆಳೆಸಿಕೊಳ್ಳಬೇಕು. ತಮ್ಮ ವಿಚಾರಗಳನ್ನು ಸ್ಪಷ್ಟವಾಗಿ ಮಂಡಿಸುವ ಕಲೆ ಕಲಿಯಬೇಕು. ಹೆಣ್ಣು ಮಕ್ಕಳು ಸಮಾಜದ ಶಕ್ತಿ. ಕುಟುಂಬದ ಮರ್ಯಾದೆಯ ಹೊರೆಯನ್ನು ಹೆಣ್ಣು ಮಕ್ಕಳ ಮೇಲೆ ಮಾತ್ರ ಹೊರಿಸಲಾಗುತ್ತದೆ. ಇದು ಬದಲಾಗಬೇಕು. ತಮ್ಮ ವ್ಯಕ್ತಿತ್ವವನ್ನು ರೂಪಿಸಿಕೊಳ್ಳುವ ಸ್ವಾತಂತ್ರ್ಯ ಅವರಿಗೆ ಇರಬೇಕು. ಶಿಕ್ಷಣವೇ ಅವರ ದೊಡ್ಡ ಆಸ್ತಿ.
ಬದುಕಿನಲ್ಲಿ ತೊಂದರೆಗಳನ್ನು ಎದುರಿಸುವ ಛಲ ಹೆಣ್ಣು ಮಕ್ಕಳಲ್ಲಿ ಇರಬೇಕು. ಅವರು ಸೋತರೂ ಮತ್ತೆ ಎದ್ದು ನಿಲ್ಲುವ ಶಕ್ತಿ ಬೆಳೆಸಿಕೊಳ್ಳಬೇಕು. ಹೆಣ್ಣು ಮಕ್ಕಳು ತಮ್ಮ ಕನಸುಗಳನ್ನು ನನಸಾಗಿಸಲು ಶ್ರಮಿಸಬೇಕು. ಪೋಷಕರು ಕೂಡ ಅವರ ಆಸೆ ಆಕಾಂಕ್ಷೆಗಳಿಗೆ ಬೆಂಬಲ ನೀಡಬೇಕು. •ನಾವೆಲ್ಲರೂ ಮತ್ತು ಹೆಣ್ಣು ಮಕ್ಕಳ ನಿಜವಾದ ಬಲಶಾಲಿ ಭಾವನೆಯನ್ನು ಸ್ವೀಕರಿಸಬೇಕು. ಕುಟುಂಬದ ಸಂಸ್ಕಾರದಿಂದ ಅವರ ಬದುಕು ಅರಳಬೇಕು. ತಮ್ಮ ವ್ಯಕ್ತಿತ್ವಕ್ಕೆ ತಕ್ಕಂತೆ ಬದುಕುವುದೇ ಸಾರ್ಥಕತೆ.
ವಾತಾವರಣವನ್ನು ಹೊಂದಿದ್ದು ನಂಬಿಕೆ ಮತ್ತು ಪರಸ್ಪರ ಗೌರವ ಇರುತ್ತದೆ. ಹಾಗೆಯೇ ತಮ್ಮ ಹೆಣ್ಣು ಮಕ್ಕಳಲ್ಲಿ ದೃಢತೆ ಮತ್ತು ಆತ್ಮವಿಶ್ವಾಸವನ್ನು ಬೆಳೆಸಬೇಕು. ಶಿಕ್ಷಣ ಮತ್ತು ಉದ್ಯೋಗದ ಅವಕಾಶಗಳನ್ನು ಪಡೆದುಕೊಳ್ಳಲು ಪ್ರೇರೇಪಿಸಬೇಕು. ಹೆಣ್ಣು ಮಕ್ಕಳು ಸಮಾಜದಲ್ಲಿ ಸಮಾನ ಅವಕಾಶ ಪಡೆಯಬೇಕು. ಸಹನೆ, ಪ್ರೀತಿ, ಕರುಣೆ ಹೆಣ್ಣಿನ ಸಹಜ ಗುಣಗಳು. ಅವುಗಳ ಜೊತೆಗೆ ಸ್ವಾಭಿಮಾನವೂ ಇರಬೇಕು. ತಮ್ಮದೇ ಆದ ಗುರುತು ಕಂಡುಕೊಳ್ಳಲು ಅವರು ಸದಾ ಪ್ರಯತ್ನಿಸಬೇಕು.
ಕೈಗೊಂಡಿರುವ ಬದಲಾವಣೆಗಳ ಬಗ್ಗೆ ಹೆಣ್ಣು ಮಕ್ಕಳು ಅರಿತುಕೊಳ್ಳಬೇಕು. ಅವಕಾಶಗಳಿವೆ. ಆತ್ಮಗೌರವ ಮತ್ತು ಘನತೆಯಿಂದ ಬದುಕುವ ಹಕ್ಕು ಎಲ್ಲರಿಗೂ ಇದೆ. ತಮ್ಮ ಭವಿಷ್ಯವನ್ನು ತಾವೇ ರೂಪಿಸಿಕೊಳ್ಳಲು ಹೆಣ್ಣು ಮಕ್ಕಳು ಮುಂದಾಗಬೇಕು. ಕುಟುಂಬ ಮತ್ತು ಸಮಾಜ ಅವರ ಬೆನ್ನಿಗೆ ನಿಲ್ಲಬೇಕು. ಶಿಕ್ಷಣ, ಉದ್ಯೋಗ, ಆರ್ಥಿಕ ಸ್ವಾವಲಂಬನೆ ಅವರ ಬಲ. ಹೆಣ್ಣು ಮಕ್ಕಳು ಯಾವುದೇ ಕ್ಷೇತ್ರದಲ್ಲಿ ಸಾಧನೆ ಮಾಡಬಲ್ಲರು. ಅವರ ಆಸಕ್ತಿಗಳಿಗೆ ತಕ್ಕಂತೆ ವಿದ್ಯಾಭ್ಯಾಸ ಮುಂದುವರೆಸಲು ಅವಕಾಶ ನೀಡಬೇಕು. ಸ್ವಾತಂತ್ರ್ಯ ಮತ್ತು ಜವಾಬ್ದಾರಿ ಎರಡನ್ನೂ ಅವರು ಅರಿತುಕೊಳ್ಳಬೇಕು. ಆತ್ಮರಕ್ಷಣೆಯ ಕಲೆಗಳನ್ನು ಕಲಿಯಬೇಕು. ಮಕ್ಕಳಿಗೆ ಕೇವಲ ಮಾತು ಮತ್ತು ಸೌಂದರ್ಯವಲ್ಲ, ಅಂತರಂಗದ ಶಕ್ತಿ ಮುಖ್ಯ. ಪೋಷಕರು ಭೇದಭಾವ ಮಾಡದೆ ಗಂಡು ಹೆಣ್ಣು ಎಂಬ ವ್ಯತ್ಯಾಸ ತೊಡೆದುಹಾಕಬೇಕು. ಪಾಲಕರಲ್ಲಿ ಭರವಸೆ ಮೂಡಿಸಬೇಕು.
ಸಾಮಾಜಿಕ ಆಗುಹೋಗುಗಳು, ಅಕ್ಕಿಗಳನ್ನು, ಗಂಡು ಹೆಣ್ಣು ಸಮಾನತೆ ಬಗ್ಗೆ ಅರಿವು ಮೂಡಬೇಕು. ತಮ್ಮ ಮಕ್ಕಳನ್ನು ನೋಡುವ ದೃಷ್ಟಿಕೋನ ಬದಲಾಗಬೇಕು. ಹೆಣ್ಣು ಮಕ್ಕಳು ಸಮಾಜಕ್ಕೆ ಕೊಡುಗೆ ನೀಡುವ ಸಾಮರ್ಥ್ಯ ಹೊಂದಿದ್ದಾರೆ. ನಂಬಿಕೆ ಮತ್ತು ಪ್ರೀತಿಯಿಂದ ಅವರನ್ನು ಬೆಳೆಸಬೇಕು. ಕುಟುಂಬದ ಎಲ್ಲಾ ಸದಸ್ಯರು ಅವರಿಗೆ ಬೆಂಬಲವಾಗಿ ನಿಲ್ಲಬೇಕು. ಹೆಣ್ಣು ಮಕ್ಕಳು ಸುರಕ್ಷಿತವಾಗಿ ಮತ್ತು ಗೌರವದಿಂದ ಬದುಕುವ ವಾತಾವರಣ ನಿರ್ಮಾಣವಾಗಬೇಕು. ಅವರು ತಮ್ಮ ಆರೋಗ್ಯದ ಬಗ್ಗೆ ಕಾಳಜಿ ವಹಿಸಬೇಕು. ಉತ್ತಮ ಆಹಾರ, ವ್ಯಾಯಾಮ ಮತ್ತು ಮಾನಸಿಕ ನೆಮ್ಮದಿ ಮುಖ್ಯ. ಅಂತಿಮವಾಗಿ ಹೆಣ್ಣು ಮಕ್ಕಳು ತಾವು ತಾವಾಗಿಯೇ ಇದ್ದರೆ ಚೆನ್ನ.
--ವೀಣಾ ಹೇಮಂತ್ ಗೌಡ ಪಾಟೀಲ್ ಮುಂಡರಗಿ ಗದಗ
